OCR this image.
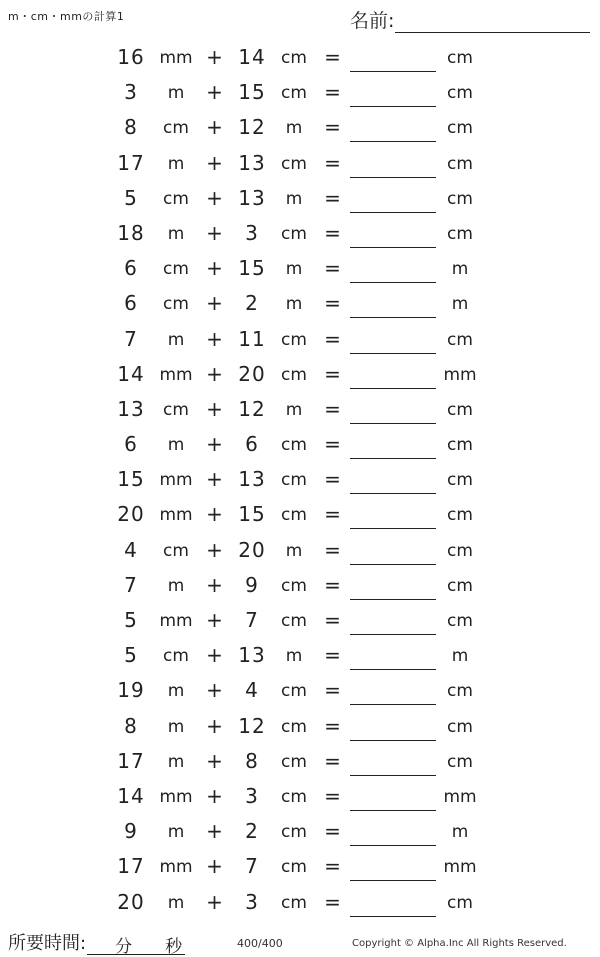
m・cm・mmの計算1	名前:
16 mm + 14 cm =	cm
3	m	+ 15 cm =	cm
8	cm + 12	m	=	cm
17	m	+ 13 cm =	cm
5	cm + 13	m	=	cm
18	m	+	3	cm =	cm
6	cm + 15	m	=	m
6	cm +	2	m	=	m
7	m	+ 11 cm =	cm
14 mm + 20 cm =	mm
13	cm + 12	m	=	cm
6	m	+	6	cm =	cm
15 mm + 13 cm =	cm
20 mm + 15 cm =	cm
4	cm + 20	m	=	cm
7	m	+	9	cm =	cm
5	mm +	7	cm =	cm
5	cm + 13	m	=	m
19	m	+	4	cm =	cm
8	m	+ 12 cm =	cm
17	m	+	8	cm =	cm
14 mm +	3	cm =	mm
9	m	+	2	cm =	m
17 mm +	7	cm =	mm
20	m	+	3	cm =	cm
所要時間: 分 秒	400/400	Copyright © Alpha.Inc All Rights Reserved.
